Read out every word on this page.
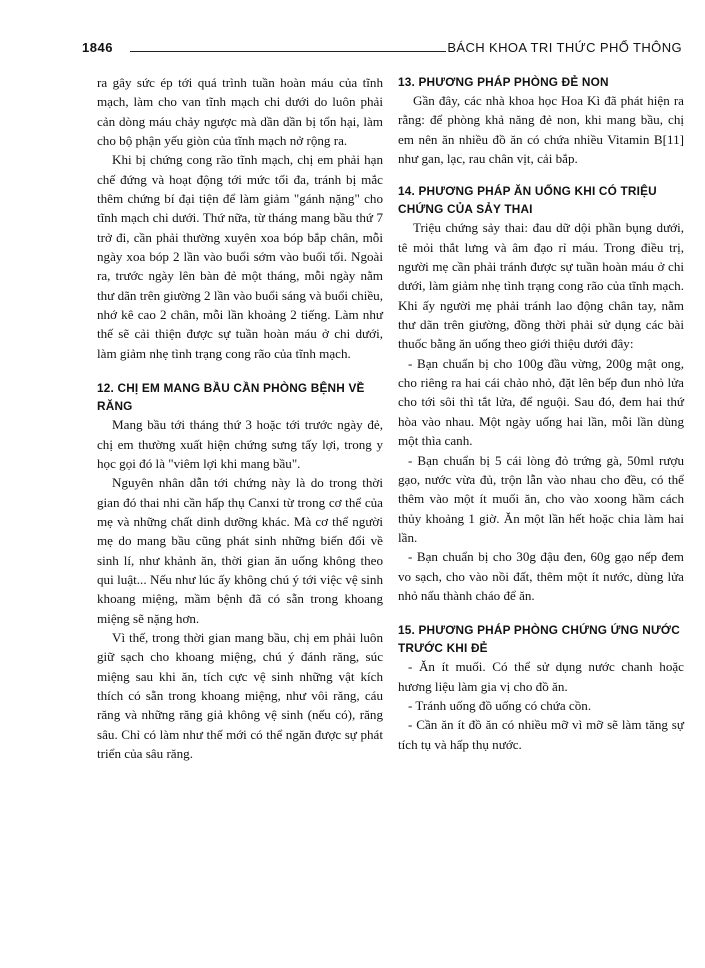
1846	BÁCH KHOA TRI THỨC PHỔ THÔNG

ra gây sức ép tới quá trình tuần hoàn máu của tĩnh mạch, làm cho van tĩnh mạch chi dưới do luôn phải cản dòng máu chảy ngược mà dần dần bị tổn hại, làm cho bộ phận yếu giòn của tĩnh mạch nở rộng ra.

Khi bị chứng cong rão tĩnh mạch, chị em phải hạn chế đứng và hoạt động tới mức tối đa, tránh bị mắc thêm chứng bí đại tiện để làm giảm "gánh nặng" cho tĩnh mạch chi dưới. Thứ nữa, từ tháng mang bầu thứ 7 trở đi, cần phải thường xuyên xoa bóp bắp chân, mỗi ngày xoa bóp 2 lần vào buổi sớm vào buổi tối. Ngoài ra, trước ngày lên bàn đẻ một tháng, mỗi ngày nằm thư dãn trên giường 2 lần vào buổi sáng và buổi chiều, nhớ kê cao 2 chân, mỗi lần khoảng 2 tiếng. Làm như thế sẽ cải thiện được sự tuần hoàn máu ở chi dưới, làm giảm nhẹ tình trạng cong rão của tĩnh mạch.

12. CHỊ EM MANG BẦU CẦN PHÒNG BỆNH VỀ RĂNG

Mang bầu tới tháng thứ 3 hoặc tới trước ngày đẻ, chị em thường xuất hiện chứng sưng tấy lợi, trong y học gọi đó là "viêm lợi khi mang bầu".

Nguyên nhân dẫn tới chứng này là do trong thời gian đó thai nhi cần hấp thụ Canxi từ trong cơ thể của mẹ và những chất dinh dưỡng khác. Mà cơ thể người mẹ do mang bầu cũng phát sinh những biến đổi về sinh lí, như khảnh ăn, thời gian ăn uống không theo qui luật... Nếu như lúc ấy không chú ý tới việc vệ sinh khoang miệng, mầm bệnh đã có sẵn trong khoang miệng sẽ nặng hơn.

Vì thế, trong thời gian mang bầu, chị em phải luôn giữ sạch cho khoang miệng, chú ý đánh răng, súc miệng sau khi ăn, tích cực vệ sinh những vật kích thích có sẵn trong khoang miệng, như vôi răng, cáu răng và những răng giả không vệ sinh (nếu có), răng sâu. Chỉ có làm như thế mới có thể ngăn được sự phát triển của sâu răng.

13. PHƯƠNG PHÁP PHÒNG ĐẺ NON

Gần đây, các nhà khoa học Hoa Kì đã phát hiện ra rằng: để phòng khả năng đẻ non, khi mang bầu, chị em nên ăn nhiều đồ ăn có chứa nhiều Vitamin B[11] như gan, lạc, rau chân vịt, cải bắp.

14. PHƯƠNG PHÁP ĂN UỐNG KHI CÓ TRIỆU CHỨNG CỦA SẢY THAI

Triệu chứng sảy thai: đau dữ dội phần bụng dưới, tê mỏi thắt lưng và âm đạo rỉ máu. Trong điều trị, người mẹ cần phải tránh được sự tuần hoàn máu ở chi dưới, làm giảm nhẹ tình trạng cong rão của tĩnh mạch. Khi ấy người mẹ phải tránh lao động chân tay, nằm thư dãn trên giường, đồng thời phải sử dụng các bài thuốc bằng ăn uống theo giới thiệu dưới đây:

- Bạn chuẩn bị cho 100g đầu vừng, 200g mật ong, cho riêng ra hai cái chảo nhỏ, đặt lên bếp đun nhỏ lửa cho tới sôi thì tắt lửa, để nguội. Sau đó, đem hai thứ hòa vào nhau. Một ngày uống hai lần, mỗi lần dùng một thìa canh.

- Bạn chuẩn bị 5 cái lòng đỏ trứng gà, 50ml rượu gạo, nước vừa đủ, trộn lẫn vào nhau cho đều, có thể thêm vào một ít muối ăn, cho vào xoong hầm cách thủy khoảng 1 giờ. Ăn một lần hết hoặc chia làm hai lần.

- Bạn chuẩn bị cho 30g đậu đen, 60g gạo nếp đem vo sạch, cho vào nồi đất, thêm một ít nước, dùng lửa nhỏ nấu thành cháo để ăn.

15. PHƯƠNG PHÁP PHÒNG CHỨNG ỨNG NƯỚC TRƯỚC KHI ĐẺ

- Ăn ít muối. Có thể sử dụng nước chanh hoặc hương liệu làm gia vị cho đồ ăn.

- Tránh uống đồ uống có chứa cồn.

- Cần ăn ít đồ ăn có nhiều mỡ vì mỡ sẽ làm tăng sự tích tụ và hấp thụ nước.
